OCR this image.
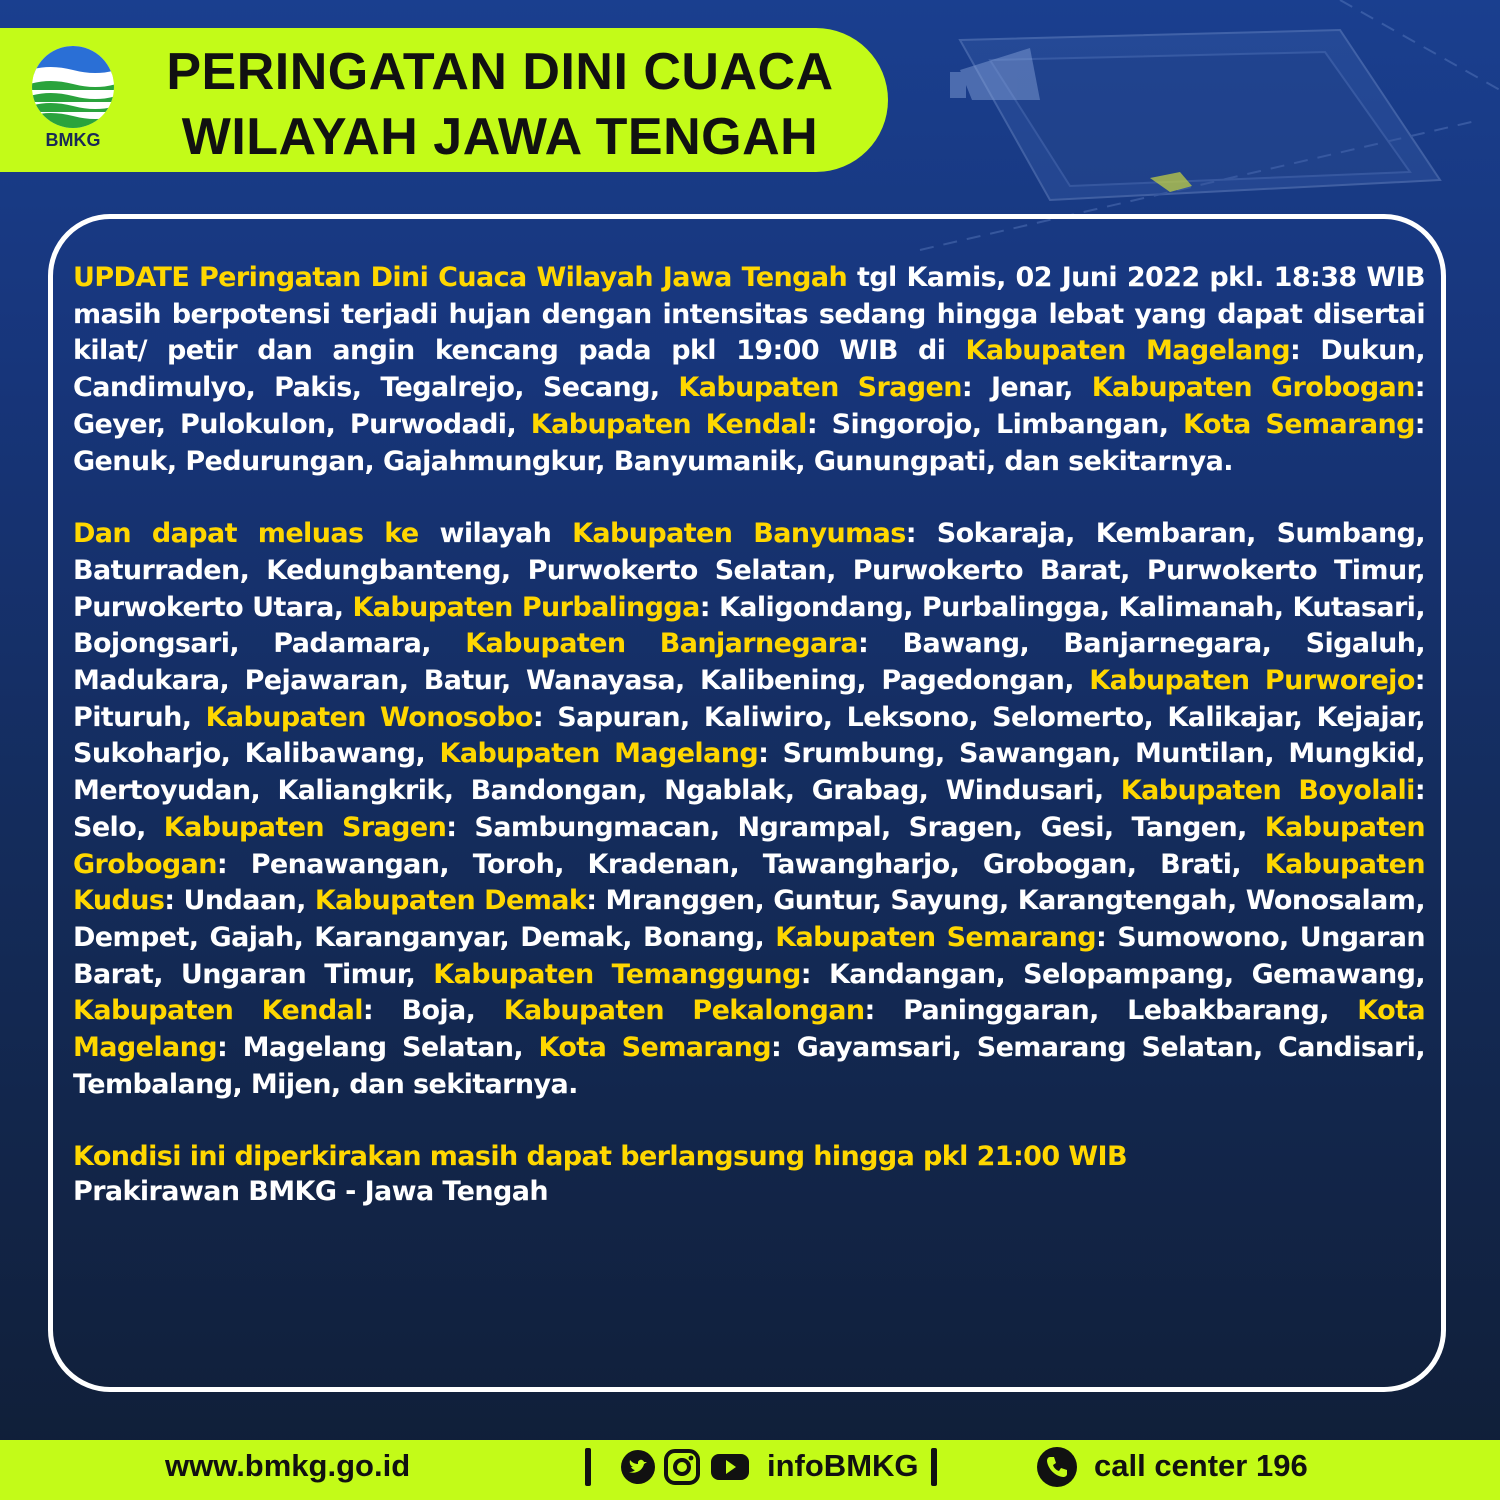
BMKG
PERINGATAN DINI CUACA
WILAYAH JAWA TENGAH

UPDATE Peringatan Dini Cuaca Wilayah Jawa Tengah tgl Kamis, 02 Juni 2022 pkl. 18:38 WIB masih berpotensi terjadi hujan dengan intensitas sedang hingga lebat yang dapat disertai kilat/ petir dan angin kencang pada pkl 19:00 WIB di Kabupaten Magelang: Dukun, Candimulyo, Pakis, Tegalrejo, Secang, Kabupaten Sragen: Jenar, Kabupaten Grobogan: Geyer, Pulokulon, Purwodadi, Kabupaten Kendal: Singorojo, Limbangan, Kota Semarang: Genuk, Pedurungan, Gajahmungkur, Banyumanik, Gunungpati, dan sekitarnya.

Dan dapat meluas ke wilayah Kabupaten Banyumas: Sokaraja, Kembaran, Sumbang, Baturraden, Kedungbanteng, Purwokerto Selatan, Purwokerto Barat, Purwokerto Timur, Purwokerto Utara, Kabupaten Purbalingga: Kaligondang, Purbalingga, Kalimanah, Kutasari, Bojongsari, Padamara, Kabupaten Banjarnegara: Bawang, Banjarnegara, Sigaluh, Madukara, Pejawaran, Batur, Wanayasa, Kalibening, Pagedongan, Kabupaten Purworejo: Pituruh, Kabupaten Wonosobo: Sapuran, Kaliwiro, Leksono, Selomerto, Kalikajar, Kejajar, Sukoharjo, Kalibawang, Kabupaten Magelang: Srumbung, Sawangan, Muntilan, Mungkid, Mertoyudan, Kaliangkrik, Bandongan, Ngablak, Grabag, Windusari, Kabupaten Boyolali: Selo, Kabupaten Sragen: Sambungmacan, Ngrampal, Sragen, Gesi, Tangen, Kabupaten Grobogan: Penawangan, Toroh, Kradenan, Tawangharjo, Grobogan, Brati, Kabupaten Kudus: Undaan, Kabupaten Demak: Mranggen, Guntur, Sayung, Karangtengah, Wonosalam, Dempet, Gajah, Karanganyar, Demak, Bonang, Kabupaten Semarang: Sumowono, Ungaran Barat, Ungaran Timur, Kabupaten Temanggung: Kandangan, Selopampang, Gemawang, Kabupaten Kendal: Boja, Kabupaten Pekalongan: Paninggaran, Lebakbarang, Kota Magelang: Magelang Selatan, Kota Semarang: Gayamsari, Semarang Selatan, Candisari, Tembalang, Mijen, dan sekitarnya.

Kondisi ini diperkirakan masih dapat berlangsung hingga pkl 21:00 WIB

Prakirawan BMKG - Jawa Tengah
www.bmkg.go.id	infoBMKG	call center 196
